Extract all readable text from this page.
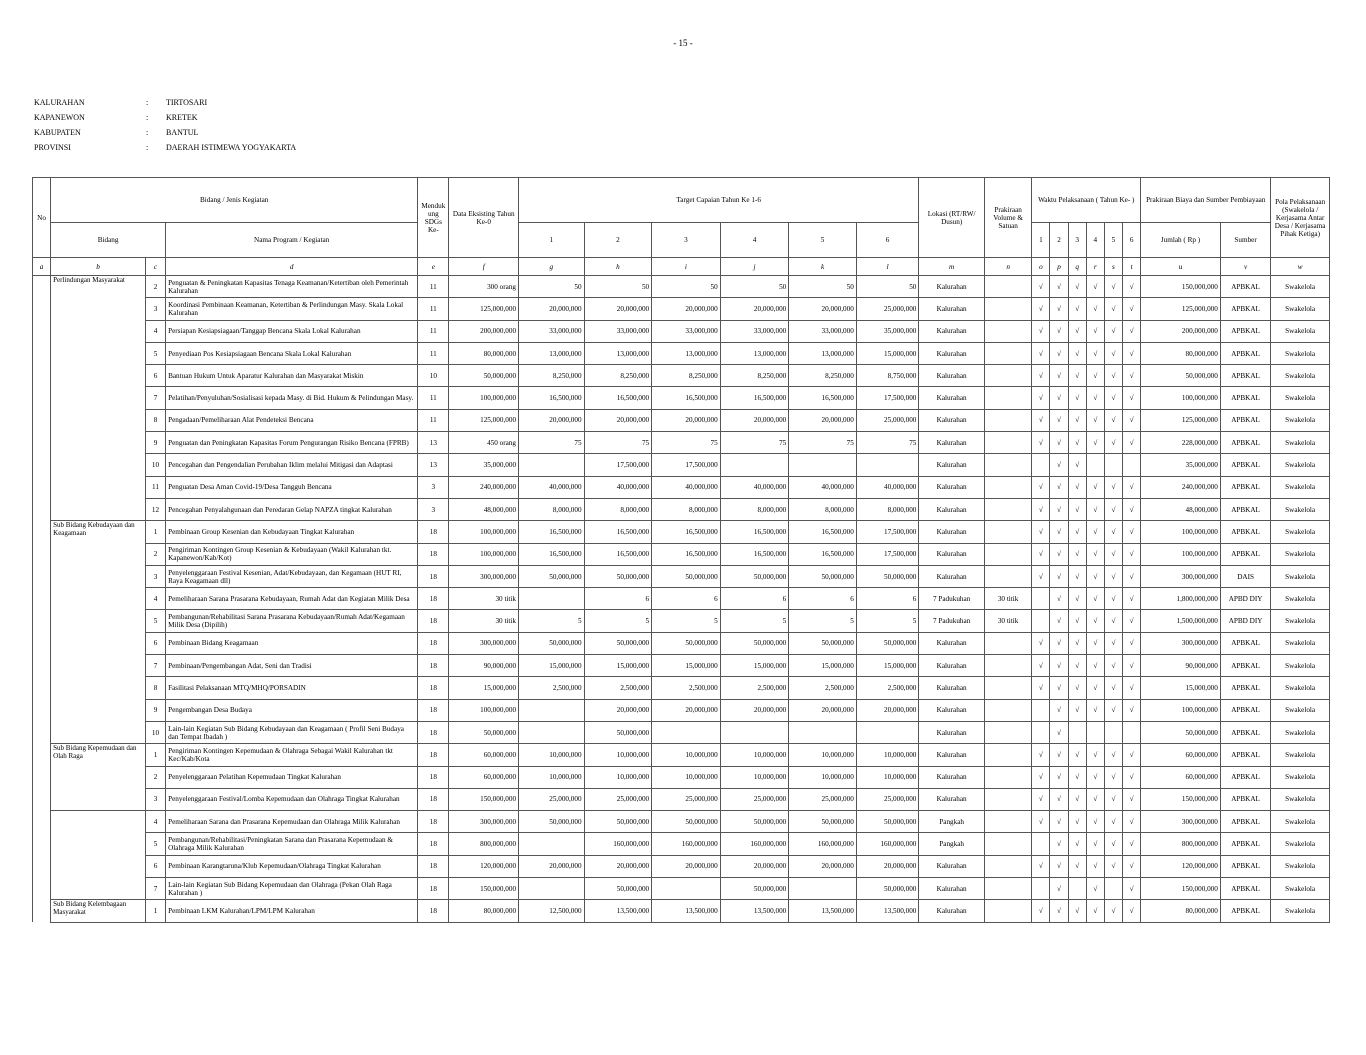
- 15 -
KALURAHAN	:	TIRTOSARI
KAPANEWON	:	KRETEK
KABUPATEN	:	BANTUL
PROVINSI	:	DAERAH ISTIMEWA YOGYAKARTA
No	Bidang / Jenis Kegiatan			Menduk ung SDGs Ke-	Data Eksisting Tahun Ke-0	Target Capaian Tahun Ke 1-6						Lokasi (RT/RW/ Dusun)	Prakiraan Volume & Satuan	Waktu Pelaksanaan ( Tahun Ke- )						Prakiraan Biaya dan Sumber Pembiayaan		Pola Pelaksanaan (Swakelola / Kerjasama Antar Desa / Kerjasama Pihak Ketiga)
	Bidang		Nama Program / Kegiatan			1	2	3	4	5	6			1	2	3	4	5	6	Jumlah ( Rp )	Sumber	
a	b	c	d	e	f	g	h	i	j	k	l	m	n	o	p	q	r	s	t	u	v	w
	Perlindungan Masyarakat	2	Penguatan & Peningkatan Kapasitas Tenaga Keamanan/Ketertiban oleh Pemerintah Kalurahan	11	300 orang	50	50	50	50	50	50	Kalurahan		√	√	√	√	√	√	150,000,000	APBKAL	Swakelola
		3	Koordinasi Pembinaan Keamanan, Ketertiban & Perlindungan Masy. Skala Lokal Kalurahan	11	125,000,000	20,000,000	20,000,000	20,000,000	20,000,000	20,000,000	25,000,000	Kalurahan		√	√	√	√	√	√	125,000,000	APBKAL	Swakelola
		4	Persiapan Kesiapsiagaan/Tanggap Bencana Skala Lokal Kalurahan	11	200,000,000	33,000,000	33,000,000	33,000,000	33,000,000	33,000,000	35,000,000	Kalurahan		√	√	√	√	√	√	200,000,000	APBKAL	Swakelola
		5	Penyediaan Pos Kesiapsiagaan Bencana Skala Lokal Kalurahan	11	80,000,000	13,000,000	13,000,000	13,000,000	13,000,000	13,000,000	15,000,000	Kalurahan		√	√	√	√	√	√	80,000,000	APBKAL	Swakelola
		6	Bantuan Hukum Untuk Aparatur Kalurahan dan Masyarakat Miskin	10	50,000,000	8,250,000	8,250,000	8,250,000	8,250,000	8,250,000	8,750,000	Kalurahan		√	√	√	√	√	√	50,000,000	APBKAL	Swakelola
		7	Pelatihan/Penyuluhan/Sosialisasi kepada Masy. di Bid. Hukum & Pelindungan Masy.	11	100,000,000	16,500,000	16,500,000	16,500,000	16,500,000	16,500,000	17,500,000	Kalurahan		√	√	√	√	√	√	100,000,000	APBKAL	Swakelola
		8	Pengadaan/Pemeliharaan Alat Pendeteksi Bencana	11	125,000,000	20,000,000	20,000,000	20,000,000	20,000,000	20,000,000	25,000,000	Kalurahan		√	√	√	√	√	√	125,000,000	APBKAL	Swakelola
		9	Penguatan dan Peningkatan Kapasitas Forum Pengurangan Risiko Bencana (FPRB)	13	450 orang	75	75	75	75	75	75	Kalurahan		√	√	√	√	√	√	228,000,000	APBKAL	Swakelola
		10	Pencegahan dan Pengendalian Perubahan Iklim melalui Mitigasi dan Adaptasi	13	35,000,000		17,500,000	17,500,000				Kalurahan			√	√				35,000,000	APBKAL	Swakelola
		11	Penguatan Desa Aman Covid-19/Desa Tangguh Bencana	3	240,000,000	40,000,000	40,000,000	40,000,000	40,000,000	40,000,000	40,000,000	Kalurahan		√	√	√	√	√	√	240,000,000	APBKAL	Swakelola
		12	Pencegahan Penyalahgunaan dan Peredaran Gelap NAPZA tingkat Kalurahan	3	48,000,000	8,000,000	8,000,000	8,000,000	8,000,000	8,000,000	8,000,000	Kalurahan		√	√	√	√	√	√	48,000,000	APBKAL	Swakelola
	Sub Bidang Kebudayaan dan Keagamaan	1	Pembinaan Group Kesenian dan Kebudayaan Tingkat Kalurahan	18	100,000,000	16,500,000	16,500,000	16,500,000	16,500,000	16,500,000	17,500,000	Kalurahan		√	√	√	√	√	√	100,000,000	APBKAL	Swakelola
		2	Pengiriman Kontingen Group Kesenian & Kebudayaan (Wakil Kalurahan tkt. Kapanewon/Kab/Kot)	18	100,000,000	16,500,000	16,500,000	16,500,000	16,500,000	16,500,000	17,500,000	Kalurahan		√	√	√	√	√	√	100,000,000	APBKAL	Swakelola
		3	Penyelenggaraan Festival Kesenian, Adat/Kebudayaan, dan Kegamaan (HUT RI, Raya Keagamaan dll)	18	300,000,000	50,000,000	50,000,000	50,000,000	50,000,000	50,000,000	50,000,000	Kalurahan		√	√	√	√	√	√	300,000,000	DAIS	Swakelola
		4	Pemeliharaan Sarana Prasarana Kebudayaan, Rumah Adat dan Kegiatan Milik Desa	18	30 titik		6	6	6	6	6	7 Padukuhan	30 titik		√	√	√	√	√	1,800,000,000	APBD DIY	Swakelola
		5	Pembangunan/Rehabilitasi Sarana Prasarana Kebudayaan/Rumah Adat/Kegamaan Milik Desa (Dipilih)	18	30 titik	5	5	5	5	5	5	7 Padukuhan	30 titik		√	√	√	√	√	1,500,000,000	APBD DIY	Swakelola
		6	Pembinaan Bidang Keagamaan	18	300,000,000	50,000,000	50,000,000	50,000,000	50,000,000	50,000,000	50,000,000	Kalurahan		√	√	√	√	√	√	300,000,000	APBKAL	Swakelola
		7	Pembinaan/Pengembangan Adat, Seni dan Tradisi	18	90,000,000	15,000,000	15,000,000	15,000,000	15,000,000	15,000,000	15,000,000	Kalurahan		√	√	√	√	√	√	90,000,000	APBKAL	Swakelola
		8	Fasilitasi Pelaksanaan MTQ/MHQ/PORSADIN	18	15,000,000	2,500,000	2,500,000	2,500,000	2,500,000	2,500,000	2,500,000	Kalurahan		√	√	√	√	√	√	15,000,000	APBKAL	Swakelola
		9	Pengembangan Desa Budaya	18	100,000,000		20,000,000	20,000,000	20,000,000	20,000,000	20,000,000	Kalurahan			√	√	√	√	√	100,000,000	APBKAL	Swakelola
		10	Lain-lain Kegiatan Sub Bidang Kebudayaan dan Keagamaan ( Profil Seni Budaya dan Tempat Ibadah )	18	50,000,000		50,000,000					Kalurahan			√					50,000,000	APBKAL	Swakelola
	Sub Bidang Kepemudaan dan Olah Raga	1	Pengiriman Kontingen Kepemudaan & Olahraga Sebagai Wakil Kalurahan tkt Kec/Kab/Kota	18	60,000,000	10,000,000	10,000,000	10,000,000	10,000,000	10,000,000	10,000,000	Kalurahan		√	√	√	√	√	√	60,000,000	APBKAL	Swakelola
		2	Penyelenggaraan Pelatihan Kepemudaan Tingkat Kalurahan	18	60,000,000	10,000,000	10,000,000	10,000,000	10,000,000	10,000,000	10,000,000	Kalurahan		√	√	√	√	√	√	60,000,000	APBKAL	Swakelola
		3	Penyelenggaraan Festival/Lomba Kepemudaan dan Olahraga Tingkat Kalurahan	18	150,000,000	25,000,000	25,000,000	25,000,000	25,000,000	25,000,000	25,000,000	Kalurahan		√	√	√	√	√	√	150,000,000	APBKAL	Swakelola
		4	Pemeliharaan Sarana dan Prasarana Kepemudaan dan Olahraga Milik Kalurahan	18	300,000,000	50,000,000	50,000,000	50,000,000	50,000,000	50,000,000	50,000,000	Pangkah		√	√	√	√	√	√	300,000,000	APBKAL	Swakelola
		5	Pembangunan/Rehabilitasi/Peningkatan Sarana dan Prasarana Kepemudaan & Olahraga Milik Kalurahan	18	800,000,000		160,000,000	160,000,000	160,000,000	160,000,000	160,000,000	Pangkah			√	√	√	√	√	800,000,000	APBKAL	Swakelola
		6	Pembinaan Karangtaruna/Klub Kepemudaan/Olahraga Tingkat Kalurahan	18	120,000,000	20,000,000	20,000,000	20,000,000	20,000,000	20,000,000	20,000,000	Kalurahan		√	√	√	√	√	√	120,000,000	APBKAL	Swakelola
		7	Lain-lain Kegiatan Sub Bidang Kepemudaan dan Olahraga (Pekan Olah Raga Kalurahan )	18	150,000,000		50,000,000		50,000,000		50,000,000	Kalurahan			√		√		√	150,000,000	APBKAL	Swakelola
	Sub Bidang Kelembagaan Masyarakat	1	Pembinaan LKM Kalurahan/LPM/LPM Kalurahan	18	80,000,000	12,500,000	13,500,000	13,500,000	13,500,000	13,500,000	13,500,000	Kalurahan		√	√	√	√	√	√	80,000,000	APBKAL	Swakelola
